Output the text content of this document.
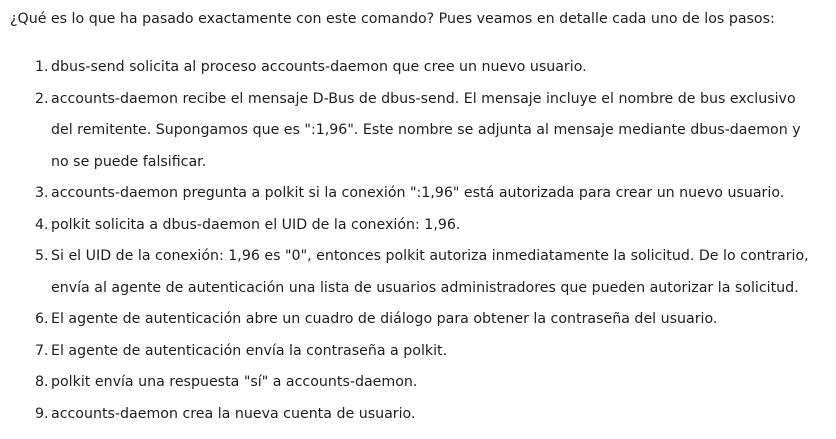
¿Qué es lo que ha pasado exactamente con este comando? Pues veamos en detalle cada uno de los pasos:

1. dbus-send solicita al proceso accounts-daemon que cree un nuevo usuario.
2. accounts-daemon recibe el mensaje D-Bus de dbus-send. El mensaje incluye el nombre de bus exclusivo del remitente. Supongamos que es ":1,96". Este nombre se adjunta al mensaje mediante dbus-daemon y no se puede falsificar.
3. accounts-daemon pregunta a polkit si la conexión ":1,96" está autorizada para crear un nuevo usuario.
4. polkit solicita a dbus-daemon el UID de la conexión: 1,96.
5. Si el UID de la conexión: 1,96 es "0", entonces polkit autoriza inmediatamente la solicitud. De lo contrario, envía al agente de autenticación una lista de usuarios administradores que pueden autorizar la solicitud.
6. El agente de autenticación abre un cuadro de diálogo para obtener la contraseña del usuario.
7. El agente de autenticación envía la contraseña a polkit.
8. polkit envía una respuesta "sí" a accounts-daemon.
9. accounts-daemon crea la nueva cuenta de usuario.
